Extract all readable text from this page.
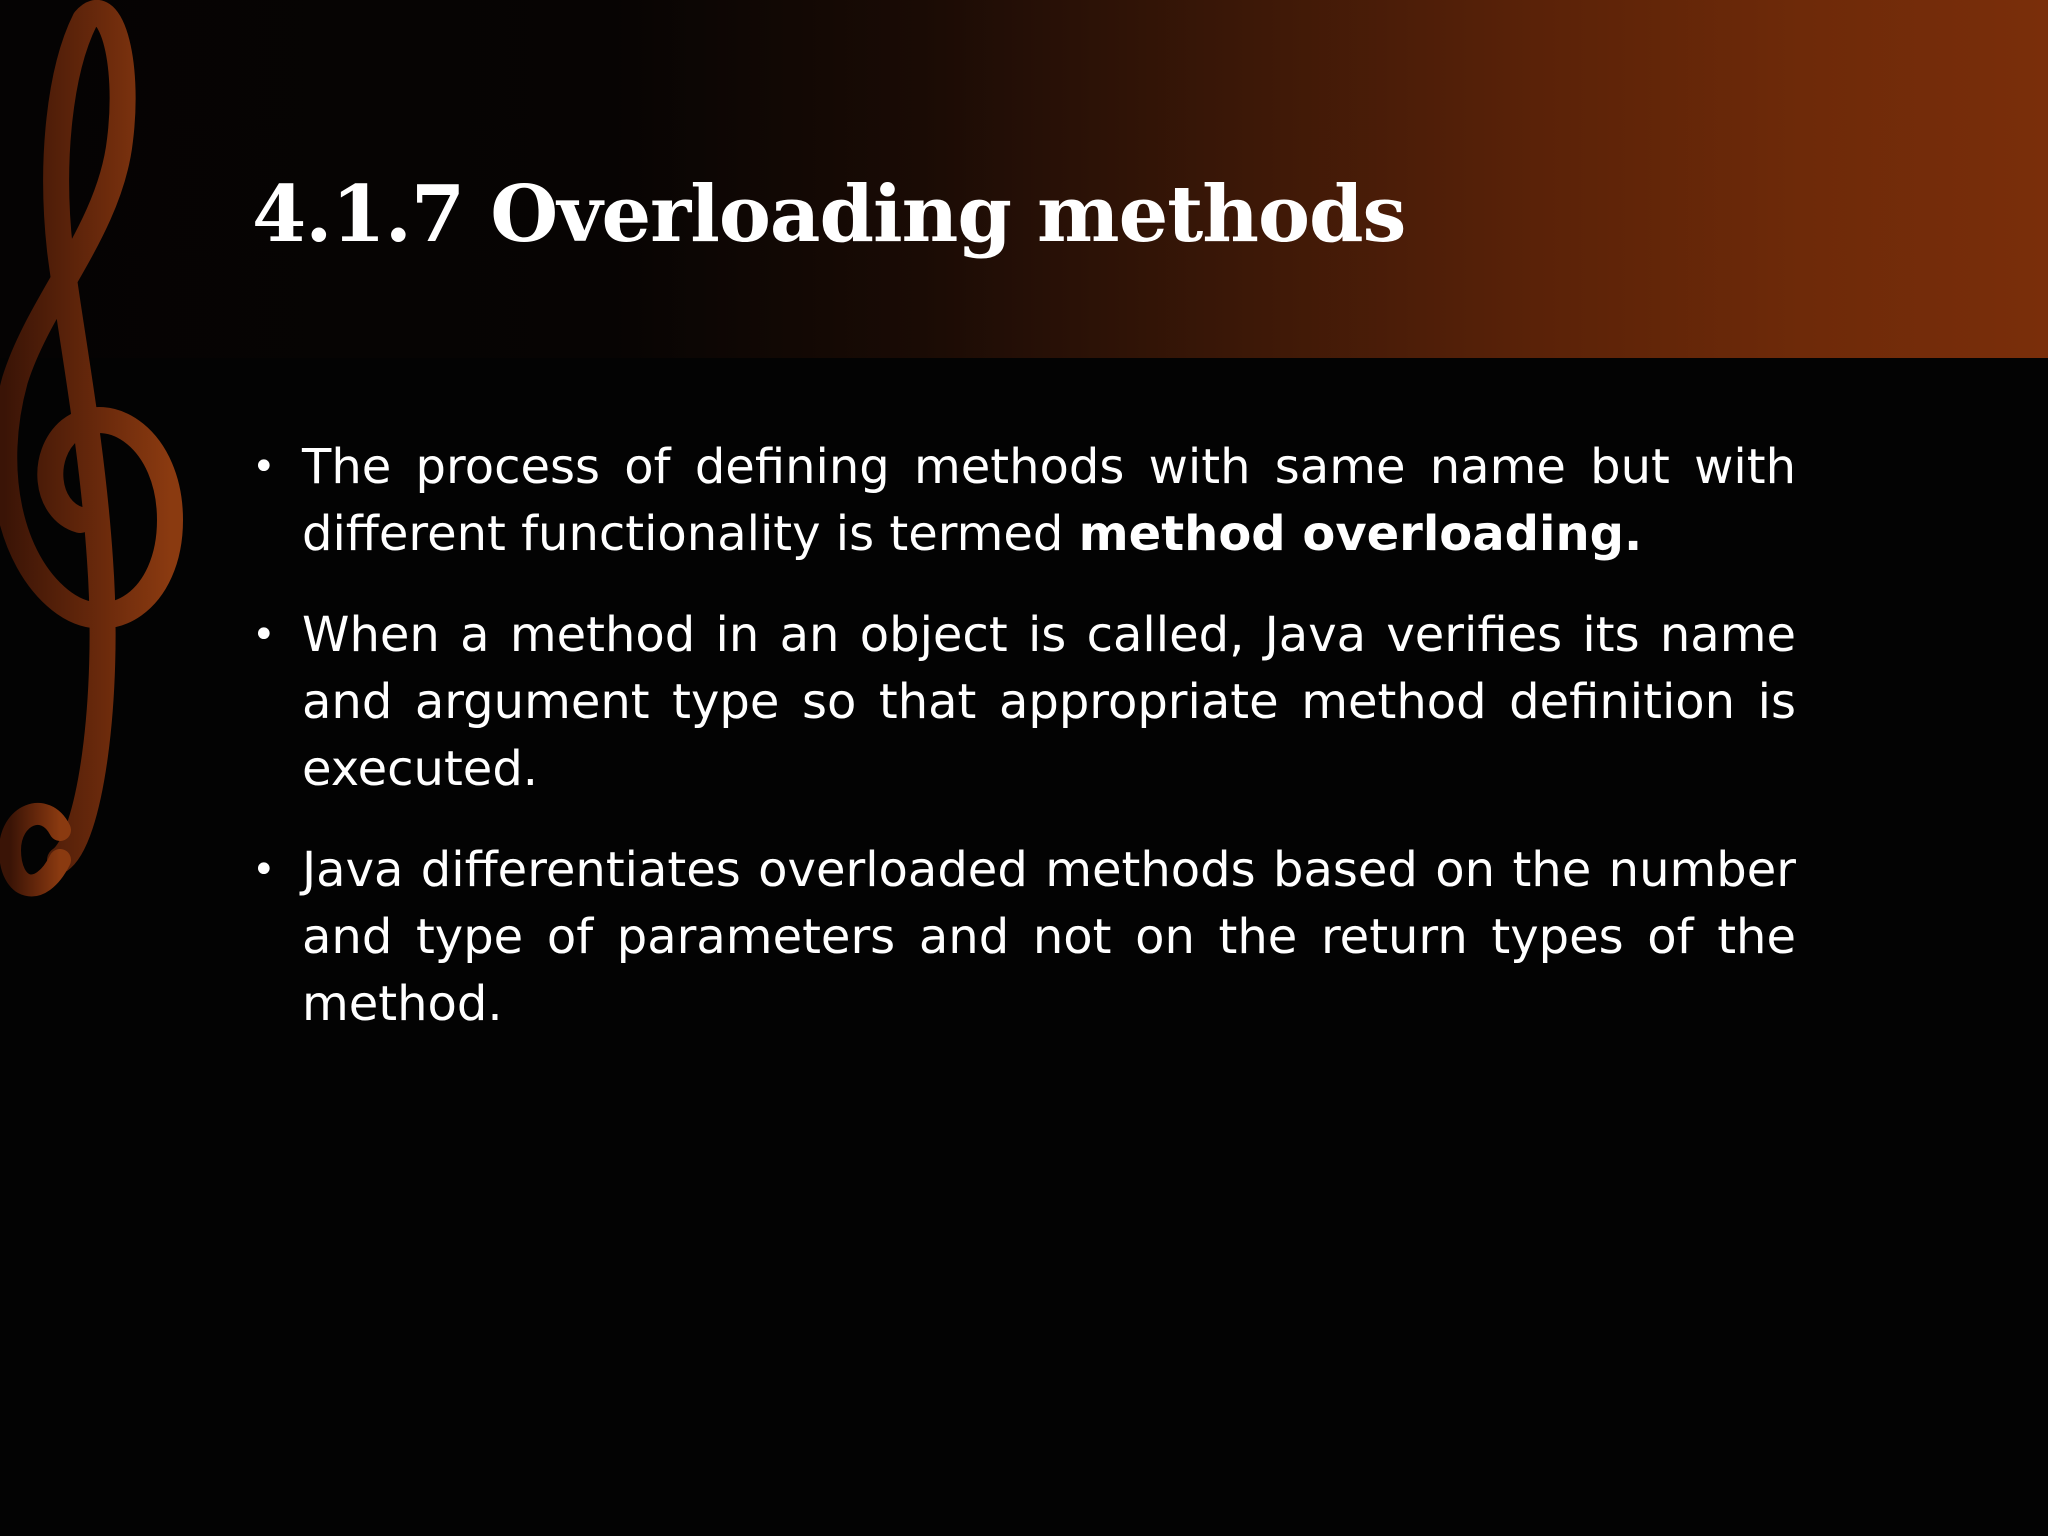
4.1.7 Overloading methods
• The process of defining methods with same name but with different functionality is termed method overloading.
• When a method in an object is called, Java verifies its name and argument type so that appropriate method definition is executed.
• Java differentiates overloaded methods based on the number and type of parameters and not on the return types of the method.
